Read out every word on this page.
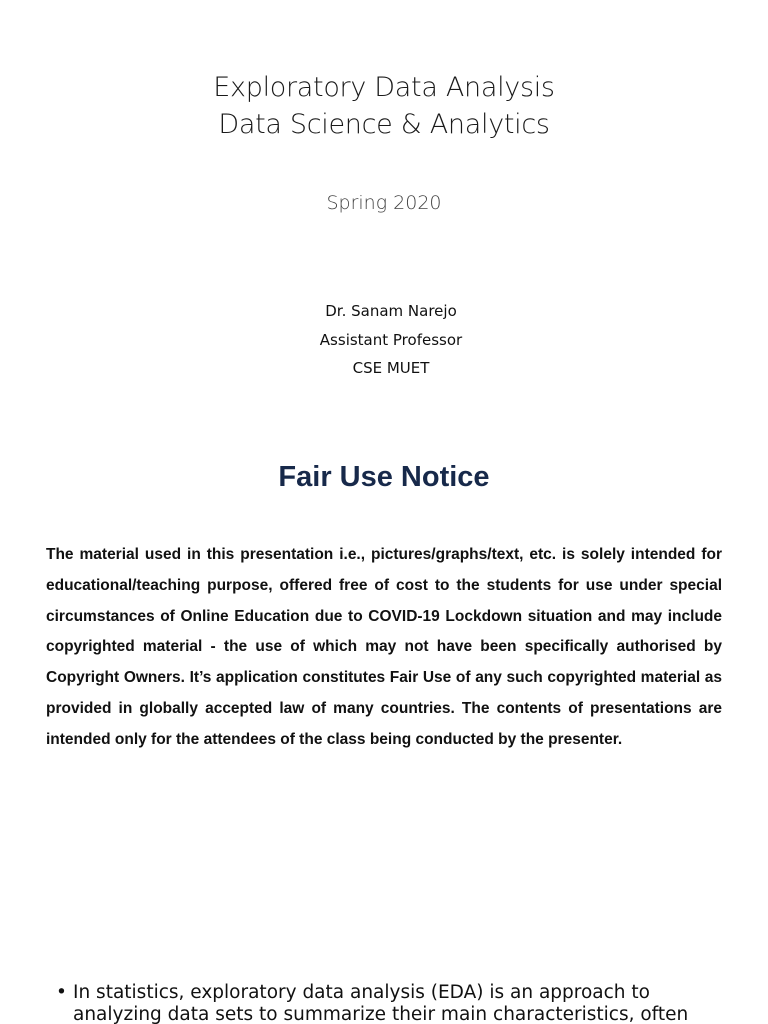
Exploratory Data Analysis
Data Science & Analytics
Spring 2020
Dr. Sanam Narejo
Assistant Professor
CSE MUET
Fair Use Notice
The material used in this presentation i.e., pictures/graphs/text, etc. is solely intended for educational/teaching purpose, offered free of cost to the students for use under special circumstances of Online Education due to COVID-19 Lockdown situation and may include copyrighted material - the use of which may not have been specifically authorised by Copyright Owners. It’s application constitutes Fair Use of any such copyrighted material as provided in globally accepted law of many countries. The contents of presentations are intended only for the attendees of the class being conducted by the presenter.
• In statistics, exploratory data analysis (EDA) is an approach to analyzing data sets to summarize their main characteristics, often
